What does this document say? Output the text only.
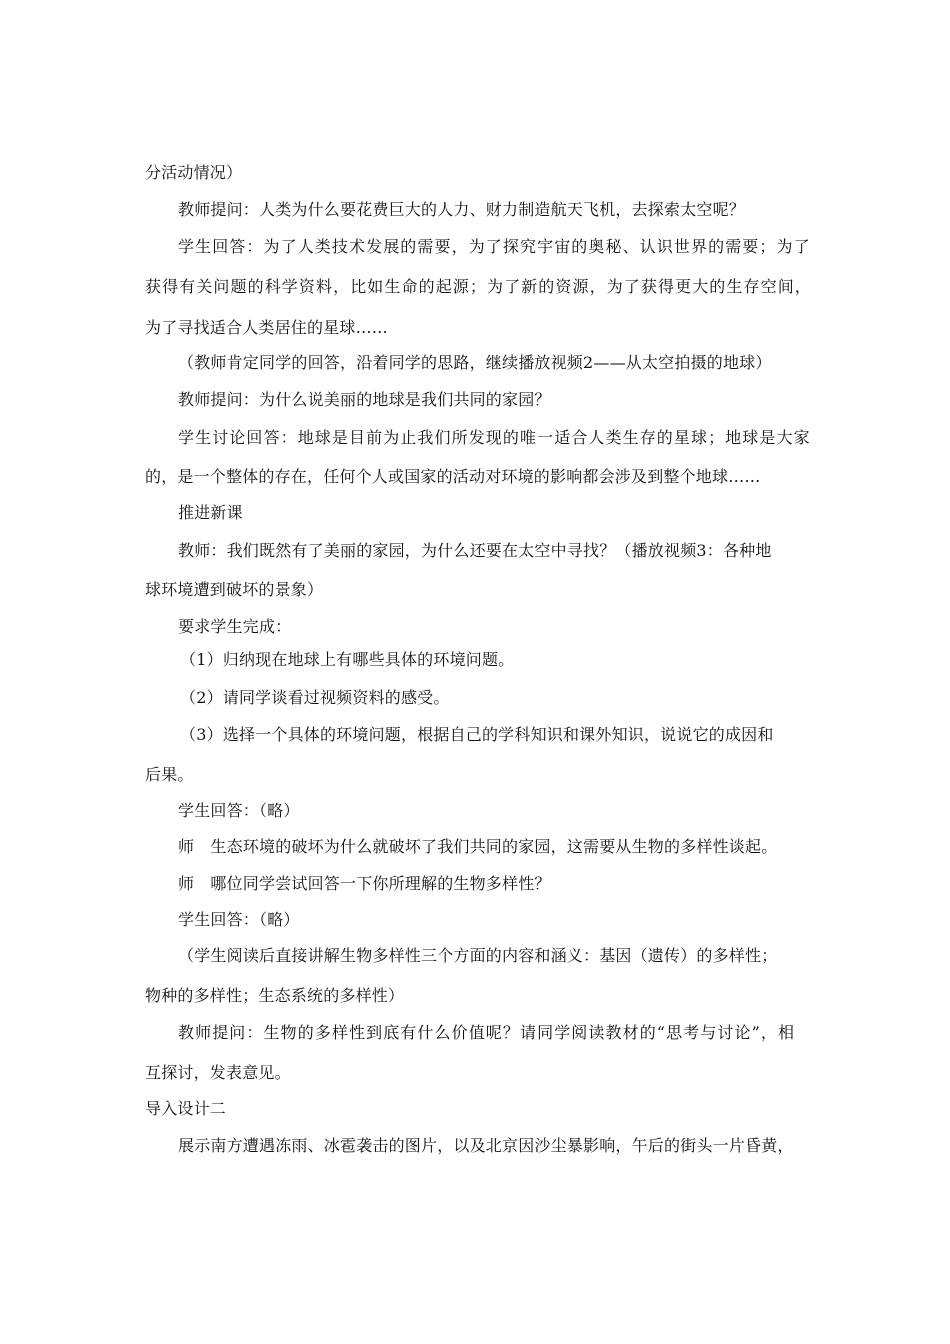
分活动情况）
教师提问：人类为什么要花费巨大的人力、财力制造航天飞机，去探索太空呢？
学生回答：为了人类技术发展的需要，为了探究宇宙的奥秘、认识世界的需要；为了
获得有关问题的科学资料，比如生命的起源；为了新的资源，为了获得更大的生存空间，
为了寻找适合人类居住的星球……
（教师肯定同学的回答，沿着同学的思路，继续播放视频2——从太空拍摄的地球）
教师提问：为什么说美丽的地球是我们共同的家园？
学生讨论回答：地球是目前为止我们所发现的唯一适合人类生存的星球；地球是大家
的，是一个整体的存在，任何个人或国家的活动对环境的影响都会涉及到整个地球……
推进新课
教师：我们既然有了美丽的家园，为什么还要在太空中寻找？（播放视频3：各种地
球环境遭到破坏的景象）
要求学生完成：
（1）归纳现在地球上有哪些具体的环境问题。
（2）请同学谈看过视频资料的感受。
（3）选择一个具体的环境问题，根据自己的学科知识和课外知识，说说它的成因和
后果。
学生回答：（略）
师　生态环境的破坏为什么就破坏了我们共同的家园，这需要从生物的多样性谈起。
师　哪位同学尝试回答一下你所理解的生物多样性？
学生回答：（略）
（学生阅读后直接讲解生物多样性三个方面的内容和涵义：基因（遗传）的多样性；
物种的多样性；生态系统的多样性）
教师提问：生物的多样性到底有什么价值呢？请同学阅读教材的“思考与讨论”，相
互探讨，发表意见。
导入设计二
展示南方遭遇冻雨、冰雹袭击的图片，以及北京因沙尘暴影响，午后的街头一片昏黄，
